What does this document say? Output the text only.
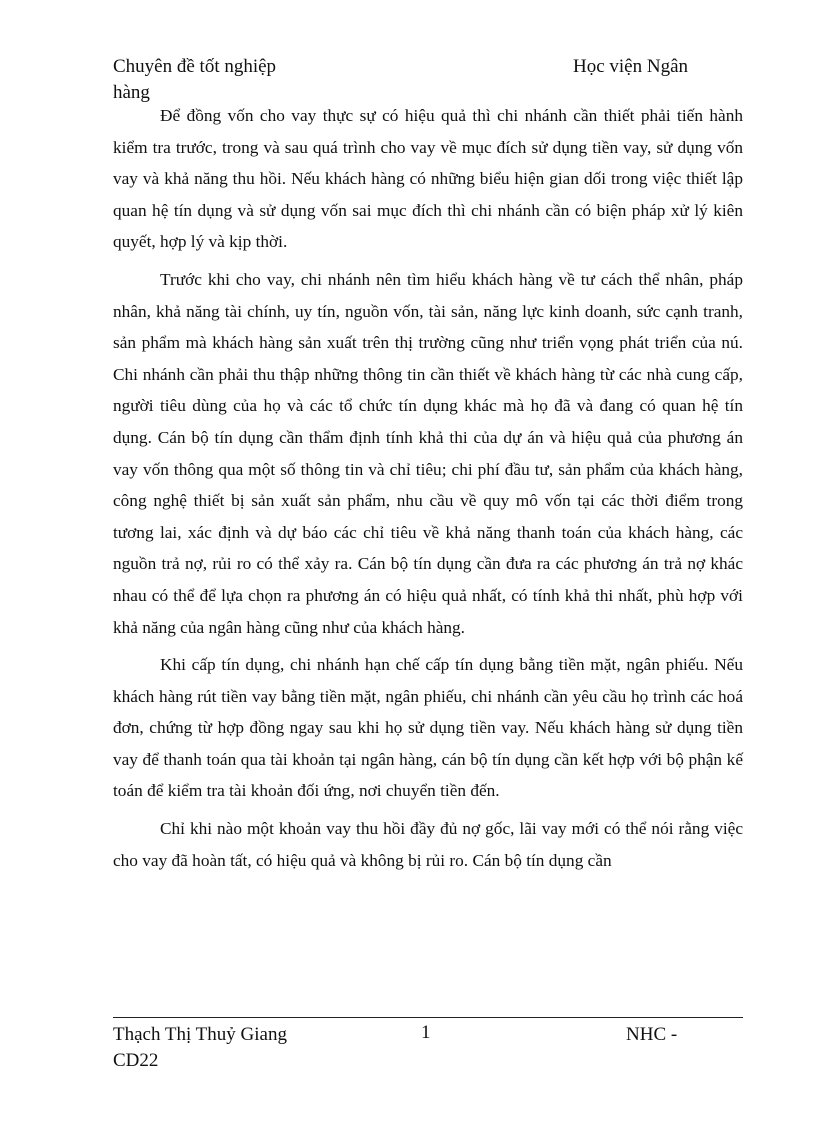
Chuyên đề tốt nghiệp	Học viện Ngân
hàng

Để đồng vốn cho vay thực sự có hiệu quả thì chi nhánh cần thiết phải tiến hành kiểm tra trước, trong và sau quá trình cho vay về mục đích sử dụng tiền vay, sử dụng vốn vay và khả năng thu hồi. Nếu khách hàng có những biểu hiện gian dối trong việc thiết lập quan hệ tín dụng và sử dụng vốn sai mục đích thì chi nhánh cần có biện pháp xử lý kiên quyết, hợp lý và kịp thời.

Trước khi cho vay, chi nhánh nên tìm hiểu khách hàng về tư cách thể nhân, pháp nhân, khả năng tài chính, uy tín, nguồn vốn, tài sản, năng lực kinh doanh, sức cạnh tranh, sản phẩm mà khách hàng sản xuất trên thị trường cũng như triển vọng phát triển của nú. Chi nhánh cần phải thu thập những thông tin cần thiết về khách hàng từ các nhà cung cấp, người tiêu dùng của họ và các tổ chức tín dụng khác mà họ đã và đang có quan hệ tín dụng. Cán bộ tín dụng cần thẩm định tính khả thi của dự án và hiệu quả của phương án vay vốn thông qua một số thông tin và chỉ tiêu; chi phí đầu tư, sản phẩm của khách hàng, công nghệ thiết bị sản xuất sản phẩm, nhu cầu về quy mô vốn tại các thời điểm trong tương lai, xác định và dự báo các chỉ tiêu về khả năng thanh toán của khách hàng, các nguồn trả nợ, rủi ro có thể xảy ra. Cán bộ tín dụng cần đưa ra các phương án trả nợ khác nhau có thể để lựa chọn ra phương án có hiệu quả nhất, có tính khả thi nhất, phù hợp với khả năng của ngân hàng cũng như của khách hàng.

Khi cấp tín dụng, chi nhánh hạn chế cấp tín dụng bằng tiền mặt, ngân phiếu. Nếu khách hàng rút tiền vay bằng tiền mặt, ngân phiếu, chi nhánh cần yêu cầu họ trình các hoá đơn, chứng từ hợp đồng ngay sau khi họ sử dụng tiền vay. Nếu khách hàng sử dụng tiền vay để thanh toán qua tài khoản tại ngân hàng, cán bộ tín dụng cần kết hợp với bộ phận kế toán để kiểm tra tài khoản đối ứng, nơi chuyển tiền đến.

Chỉ khi nào một khoản vay thu hồi đầy đủ nợ gốc, lãi vay mới có thể nói rằng việc cho vay đã hoàn tất, có hiệu quả và không bị rủi ro. Cán bộ tín dụng cần

Thạch Thị Thuỷ Giang	1	NHC -
CD22
